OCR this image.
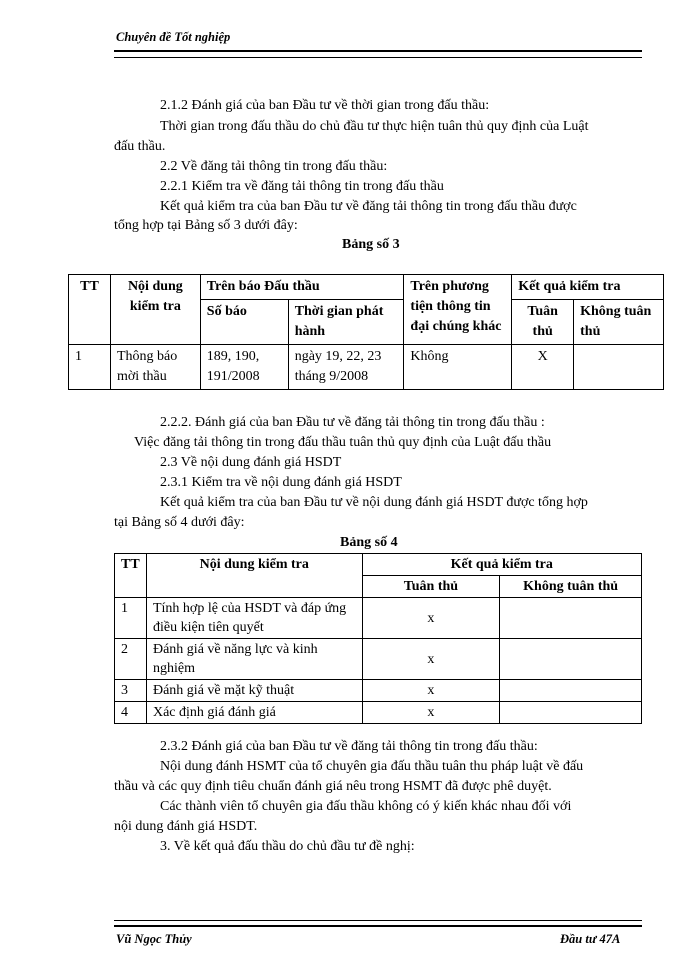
Chuyên đề Tốt nghiệp
2.1.2 Đánh giá của ban Đầu tư về thời gian trong đấu thầu:
Thời gian trong đấu thầu do chủ đầu tư thực hiện tuân thủ quy định của Luật
đấu thầu.
2.2 Về đăng tải thông tin trong đấu thầu:
2.2.1 Kiểm tra về đăng tải thông tin trong đấu thầu
Kết quả kiểm tra của ban Đầu tư về đăng tải thông tin trong đấu thầu được
tổng hợp tại Bảng số 3 dưới đây:
Bảng số 3
TT	Nội dung kiểm tra	Trên báo Đấu thầu		Trên phương tiện thông tin đại chúng khác	Kết quả kiểm tra	
		Số báo	Thời gian phát hành		Tuân thủ	Không tuân thủ
1	Thông báo mời thầu	189, 190, 191/2008	ngày 19, 22, 23 tháng 9/2008	Không	X	
2.2.2. Đánh giá của ban Đầu tư về đăng tải thông tin trong đấu thầu :
Việc đăng tải thông tin trong đấu thầu tuân thủ quy định của Luật đấu thầu
2.3 Về nội dung đánh giá HSDT
2.3.1 Kiểm tra về nội dung đánh giá HSDT
Kết quả kiểm tra của ban Đầu tư về nội dung đánh giá HSDT được tổng hợp
tại Bảng số 4 dưới đây:
Bảng số 4
TT	Nội dung kiểm tra	Kết quả kiểm tra	
		Tuân thủ	Không tuân thủ
1	Tính hợp lệ của HSDT và đáp ứng điều kiện tiên quyết	x	
2	Đánh giá về năng lực và kinh nghiệm	x	
3	Đánh giá về mặt kỹ thuật	x	
4	Xác định giá đánh giá	x	
2.3.2 Đánh giá của ban Đầu tư về đăng tải thông tin trong đấu thầu:
Nội dung đánh HSMT của tổ chuyên gia đấu thầu tuân thu pháp luật về đấu
thầu và các quy định tiêu chuẩn đánh giá nêu trong HSMT đã được phê duyệt.
Các thành viên tổ chuyên gia đấu thầu không có ý kiến khác nhau đối với
nội dung đánh giá HSDT.
3. Về kết quả đấu thầu do chủ đầu tư đề nghị:
Vũ Ngọc Thủy	Đầu tư 47A
